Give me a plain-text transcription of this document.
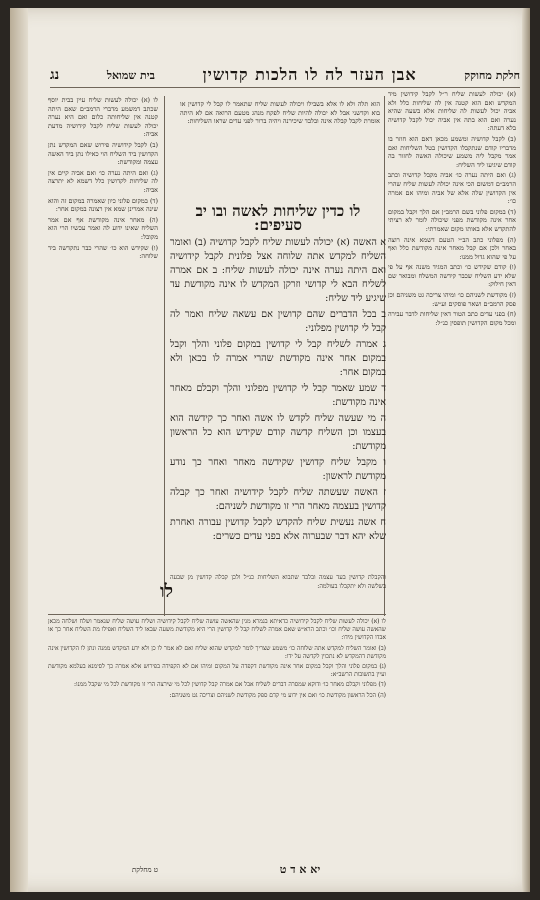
חלקת מחוקק
אבן העזר לה לו הלכות קדושין
בית שמואל
נג

(א) יכולה לעשות שליח ר״ל לקבל קידושין מיד המקדש ואם הוא קטנה אין לה שליחות כלל ולא אביה יכול לעשות לה שליחות אלא בשעה שהיא נערה ואם הוא בתה אין אביה יכול לקבל קדושיה בלא דעתה:

(ב) לקבל קדושיה ומשמע מכאן דאם הוא חוזר בו מדבריו קודם שנתקבלו הקדושין בטל השליחות ואם אמר מקבל ליה משמע שיכולה האשה לחזור בה קודם שיגיעו ליד השליח:

(ג) ואם היתה נערה כו׳ אביה מקבל קדושיה וכתב הרמב״ם דמשום הכי אינה יכולה לעשות שליח שהרי אין הקדושין שלה אלא של אביה ומיהו אם אמרה כו׳:

(ד) במקום פלוני בשם הרמב״ן אם הלך וקבל במקום אחר אינה מקודשת מפני שיכולה לומר לא רציתי להתקדש אלא באותו מקום שאמרתי:

(ה) מפלוני כתב הב״י הטעם דשמא אינה רוצה באחר ולכן אם קבל מאחר אינה מקודשת כלל ואף על פי שהוא גדול ממנו:

(ו) קודם שקידש כו׳ וכתב המגיד משנה אף על פי שלא ידע השליח שכבר קידשה המשלח ומבואר שם דאין חילוק:

(ז) מקודשת לשניהם כו׳ ומיהו צריכה גט משניהם וכן פסק הרמב״ם ושאר פוסקים וע״ש:

(ח) בפני עדים כתב הטור דאין שליחות לדבר עבירה ומכל מקום הקדושין תופסין כנ״ל:

לו (א) יכולה לעשות שליח עיין בבית יוסף שכתב דמשמע מדברי הרמב״ם שאם היתה קטנה אין שליחותה כלום ואם היא נערה יכולה לעשות שליח לקבל קידושיה מדעת אביה:

(ב) לקבל קידושיה פירוש שאם המקדש נתן הקדושין ביד השליח הוי כאילו נתן ביד האשה עצמה ומקודשת:

(ג) ואם היתה נערה כו׳ ואם אביה קיים אין לה שליחות לקדושין כלל דשמא לא יתרצה אביה:

(ד) במקום פלוני כיון שאמרה במקום זה והוא שינה אמרינן שמא אין רצונה במקום אחר:

(ה) מאחר אינה מקודשת אף אם אמר השליח שאינו ידוע לה ואמר עכשיו הרי הוא מקובל:

(ו) שקידש הוא כו׳ שהרי כבר נתקדשה ביד שלוחה:

הוא תלה ולא לו אלא בשבילו ויכולה לעשות שליח שתאמר לו קבל לי קדושין או בוא וקדשני אבל לא יכולה להיות שליח לפקח מנהג מטעם הרואה אם לא היתה אומרת לקבל קבלה אינה ובלבד שיכירנה ויהיה ברור לפני עדים שראו השליחות:

לו כדין שליחות לאשה ובו יב סעיפים:

א האשה (א) יכולה לעשות שליח לקבל קדושיה (ב) ואומר השליח למקדש אתה שלוחה אצל פלונית לקבל קידושיה ואם היתה נערה אינה יכולה לעשות שליח: ב אם אמרה לשליח הבא לי קדושי וזרקן המקדש לו אינה מקודשת עד שיגיע ליד שליח:

ב בכל הדברים שהם קדושין אם עשאה שליח ואמר לה קבל לי קדושין מפלוני:

ג אמרה לשליח קבל לי קדושין במקום פלוני והלך וקבל במקום אחר אינה מקודשת שהרי אמרה לו בכאן ולא במקום אחר:

ד שמע שאמר קבל לי קדושין מפלוני והלך וקבלם מאחר אינה מקודשת:

ה מי שעשה שליח לקדש לו אשה ואחר כך קידשה הוא בעצמו וכן השליח קדשה קודם שקידש הוא כל הראשון מקודשת:

ו מקבל שליח קדושין שקידשה מאחר ואחר כך נודע מקודשת לראשון:

ז האשה שעשתה שליח לקבל קידושיה ואחר כך קבלה קדושין בעצמה מאחר הרי זו מקודשת לשניהם:

ח אשה נעשית שליח להקדש לקבל קדושין עבורה ואחרת שלא יהא דבר שבערוה אלא בפני עדים כשרים:

והקבלת קדושין בעד עצמה ובלבד שתבוא השליחות כנ״ל ולכן קבלה קדושין מן שבעה בשלשה ולא יתקבלו בעולמה:

לו

לו (א) יכולה לעשות שליח לקבל קידושיה כדאיתא בגמרא מנין שהאשה עושה שליח לקבל קידושיה ושליח עושה שליח שנאמר ושלח ושלחה מכאן שהאשה עושה שליח וכו׳ וכתב הרא״ש שאם אמרה לשליח קבל לי קדושין הרי היא מקודשת משעה שבאו ליד השליח ואפילו מת השליח אחר כך או אבדו הקדושין מידו:

(ב) ואומר השליח למקדש אתה שלוחה כו׳ משמע שצריך לומר למקדש שהוא שליח ואם לא אמר לו כן ולא ידע המקדש ממנה ונתן לו הקדושין אינה מקודשת דהמקדש לא נתכוין לקדשה על ידו:

(ג) במקום פלוני והלך וקבל במקום אחר אינה מקודשת דקפדה על המקום ומיהו אם לא הקפידה בפירוש אלא אמרה כך לסימנא בעלמא מקודשת ועיין בתשובות הרשב״א:

(ד) מפלוני וקבלם מאחר כו׳ ודוקא שמסרה דברים לשליח אבל אם אמרה קבל קדושין לכל מי שירצה הרי זו מקודשת לכל מי שקבל ממנו:

(ה) הכל הראשון מקודשת כו׳ ואם אין ידוע מי קדם ספק מקודשת לשניהם וצריכה גט משניהם:

יא א ד ט
ט מחלקת
